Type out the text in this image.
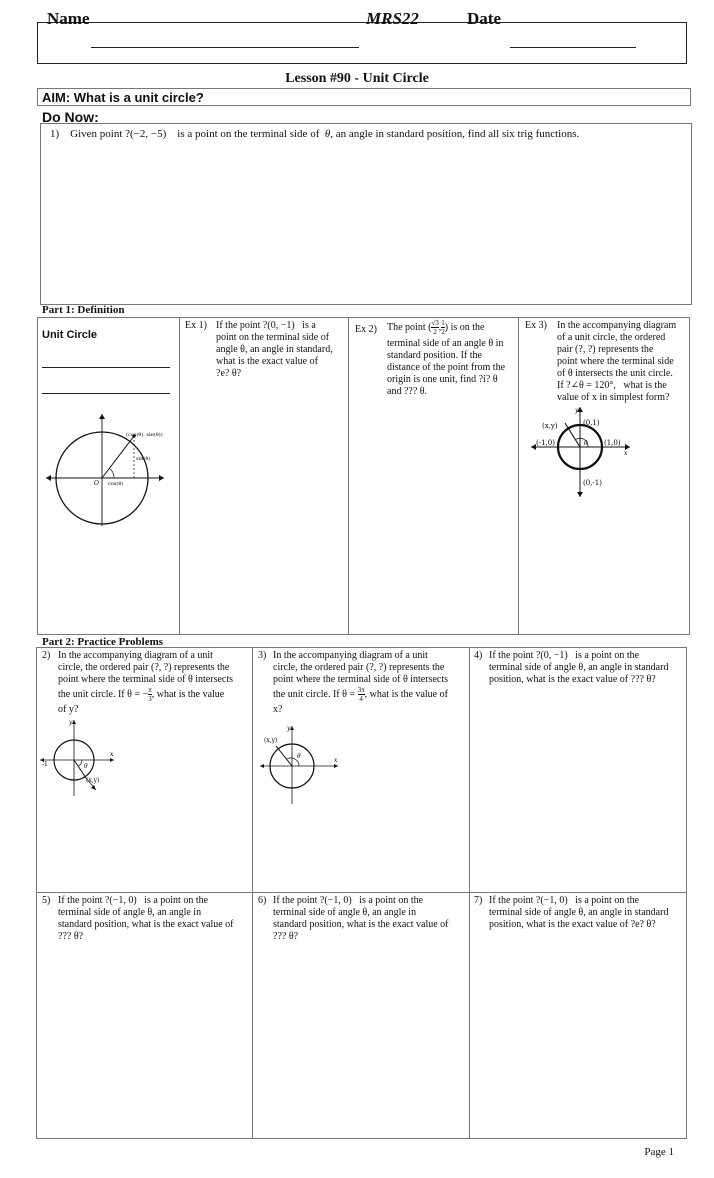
Name	MRS22	Date
Lesson #90 - Unit Circle
AIM: What is a unit circle?
Do Now:
1) Given point ?(−2, −5) is a point on the terminal side of θ, an angle in standard position, find all six trig functions.
Part 1: Definition
Unit Circle
(cos(θ), sin(θ))
sin(θ)
cos(θ)
O
Ex 1) If the point ?(0, −1) is a
point on the terminal side of
angle θ, an angle in standard,
what is the exact value of
?e? θ?
Ex 2) The point ( $\frac{√3}{2}$ , $\frac{1}{2}$ ) is on the
terminal side of an angle θ in
standard position. If the
distance of the point from the
origin is one unit, find ?i? θ
and ??? θ.
Ex 3) In the accompanying diagram
of a unit circle, the ordered
pair (?, ?) represents the
point where the terminal side
of θ intersects the unit circle.
If ?∠θ = 120°, what is the
value of x in simplest form?
(x,y)	(0,1)
(-1,0)	(1,0)
(0,-1)
θ
x
y
Part 2: Practice Problems
2) In the accompanying diagram of a unit
circle, the ordered pair (?, ?) represents the
point where the terminal side of θ intersects
the unit circle. If θ = − $\frac{\pi}{3}$ , what is the value
of y?
(x,y)
-1	θ
x
y
3) In the accompanying diagram of a unit
circle, the ordered pair (?, ?) represents the
point where the terminal side of θ intersects
the unit circle. If $\theta = \frac{3\pi}{4}$ , what is the value of
x?
(x,y)
θ
x
y
4) If the point ?(0, −1) is a point on the
terminal side of angle θ, an angle in standard
position, what is the exact value of ??? θ?
5) If the point ?(−1, 0) is a point on the
terminal side of angle θ, an angle in
standard position, what is the exact value of
??? θ?
6) If the point ?(−1, 0) is a point on the
terminal side of angle θ, an angle in
standard position, what is the exact value of
??? θ?
7) If the point ?(−1, 0) is a point on the
terminal side of angle θ, an angle in standard
position, what is the exact value of ?e? θ?
Page 1
